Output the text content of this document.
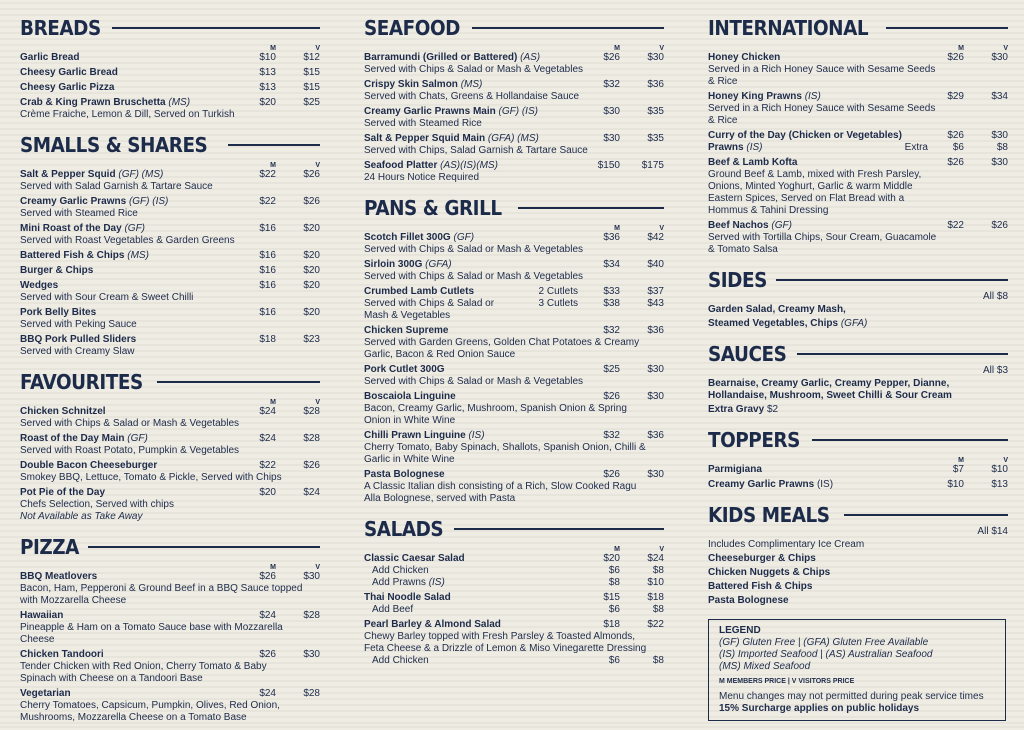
BREADS
M	V
Garlic Bread	$10	$12
Cheesy Garlic Bread	$13	$15
Cheesy Garlic Pizza	$13	$15
Crab & King Prawn Bruschetta (MS)	$20	$25
Crème Fraiche, Lemon & Dill, Served on Turkish
SMALLS & SHARES
M	V
Salt & Pepper Squid (GF) (MS)	$22	$26
Served with Salad Garnish & Tartare Sauce
Creamy Garlic Prawns (GF) (IS)	$22	$26
Served with Steamed Rice
Mini Roast of the Day (GF)	$16	$20
Served with Roast Vegetables & Garden Greens
Battered Fish & Chips (MS)	$16	$20
Burger & Chips	$16	$20
Wedges	$16	$20
Served with Sour Cream & Sweet Chilli
Pork Belly Bites	$16	$20
Served with Peking Sauce
BBQ Pork Pulled Sliders	$18	$23
Served with Creamy Slaw
FAVOURITES
M	V
Chicken Schnitzel	$24	$28
Served with Chips & Salad or Mash & Vegetables
Roast of the Day Main (GF)	$24	$28
Served with Roast Potato, Pumpkin & Vegetables
Double Bacon Cheeseburger	$22	$26
Smokey BBQ, Lettuce, Tomato & Pickle, Served with Chips
Pot Pie of the Day	$20	$24
Chefs Selection, Served with chips
Not Available as Take Away
PIZZA
M	V
BBQ Meatlovers	$26	$30
Bacon, Ham, Pepperoni & Ground Beef in a BBQ Sauce topped with Mozzarella Cheese
Hawaiian	$24	$28
Pineapple & Ham on a Tomato Sauce base with Mozzarella Cheese
Chicken Tandoori	$26	$30
Tender Chicken with Red Onion, Cherry Tomato & Baby Spinach with Cheese on a Tandoori Base
Vegetarian	$24	$28
Cherry Tomatoes, Capsicum, Pumpkin, Olives, Red Onion, Mushrooms, Mozzarella Cheese on a Tomato Base
SEAFOOD
M	V
Barramundi (Grilled or Battered) (AS)	$26	$30
Served with Chips & Salad or Mash & Vegetables
Crispy Skin Salmon (MS)	$32	$36
Served with Chats, Greens & Hollandaise Sauce
Creamy Garlic Prawns Main (GF) (IS)	$30	$35
Served with Steamed Rice
Salt & Pepper Squid Main (GFA) (MS)	$30	$35
Served with Chips, Salad Garnish & Tartare Sauce
Seafood Platter (AS)(IS)(MS)	$150	$175
24 Hours Notice Required
PANS & GRILL
M	V
Scotch Fillet 300G (GF)	$36	$42
Served with Chips & Salad or Mash & Vegetables
Sirloin 300G (GFA)	$34	$40
Served with Chips & Salad or Mash & Vegetables
Crumbed Lamb Cutlets	2 Cutlets	$33	$37
Served with Chips & Salad or	3 Cutlets	$38	$43
Mash & Vegetables
Chicken Supreme	$32	$36
Served with Garden Greens, Golden Chat Potatoes & Creamy Garlic, Bacon & Red Onion Sauce
Pork Cutlet 300G	$25	$30
Served with Chips & Salad or Mash & Vegetables
Boscaiola Linguine	$26	$30
Bacon, Creamy Garlic, Mushroom, Spanish Onion & Spring Onion in White Wine
Chilli Prawn Linguine (IS)	$32	$36
Cherry Tomato, Baby Spinach, Shallots, Spanish Onion, Chilli & Garlic in White Wine
Pasta Bolognese	$26	$30
A Classic Italian dish consisting of a Rich, Slow Cooked Ragu Alla Bolognese, served with Pasta
SALADS
M	V
Classic Caesar Salad	$20	$24
Add Chicken	$6	$8
Add Prawns (IS)	$8	$10
Thai Noodle Salad	$15	$18
Add Beef	$6	$8
Pearl Barley & Almond Salad	$18	$22
Chewy Barley topped with Fresh Parsley & Toasted Almonds, Feta Cheese & a Drizzle of Lemon & Miso Vinegarette Dressing
Add Chicken	$6	$8
INTERNATIONAL
M	V
Honey Chicken	$26	$30
Served in a Rich Honey Sauce with Sesame Seeds & Rice
Honey King Prawns (IS)	$29	$34
Served in a Rich Honey Sauce with Sesame Seeds & Rice
Curry of the Day (Chicken or Vegetables)	$26	$30
Prawns (IS)	Extra	$6	$8
Beef & Lamb Kofta	$26	$30
Ground Beef & Lamb, mixed with Fresh Parsley, Onions, Minted Yoghurt, Garlic & warm Middle Eastern Spices, Served on Flat Bread with a Hommus & Tahini Dressing
Beef Nachos (GF)	$22	$26
Served with Tortilla Chips, Sour Cream, Guacamole & Tomato Salsa
SIDES
All $8
Garden Salad, Creamy Mash,
Steamed Vegetables, Chips (GFA)
SAUCES
All $3
Bearnaise, Creamy Garlic, Creamy Pepper, Dianne, Hollandaise, Mushroom, Sweet Chilli & Sour Cream
Extra Gravy $2
TOPPERS
M	V
Parmigiana	$7	$10
Creamy Garlic Prawns (IS)	$10	$13
KIDS MEALS
All $14
Includes Complimentary Ice Cream
Cheeseburger & Chips
Chicken Nuggets & Chips
Battered Fish & Chips
Pasta Bolognese
LEGEND
(GF) Gluten Free | (GFA) Gluten Free Available
(IS) Imported Seafood | (AS) Australian Seafood
(MS) Mixed Seafood
M MEMBERS PRICE | V VISITORS PRICE
Menu changes may not permitted during peak service times
15% Surcharge applies on public holidays
